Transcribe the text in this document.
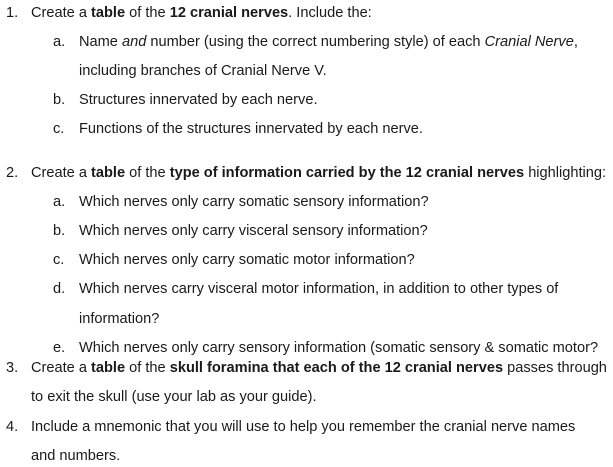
1. Create a table of the 12 cranial nerves. Include the:
a. Name and number (using the correct numbering style) of each Cranial Nerve,
including branches of Cranial Nerve V.
b. Structures innervated by each nerve.
c. Functions of the structures innervated by each nerve.
2. Create a table of the type of information carried by the 12 cranial nerves highlighting:
a. Which nerves only carry somatic sensory information?
b. Which nerves only carry visceral sensory information?
c. Which nerves only carry somatic motor information?
d. Which nerves carry visceral motor information, in addition to other types of
information?
e. Which nerves only carry sensory information (somatic sensory & somatic motor?
3. Create a table of the skull foramina that each of the 12 cranial nerves passes through
to exit the skull (use your lab as your guide).
4. Include a mnemonic that you will use to help you remember the cranial nerve names
and numbers.
